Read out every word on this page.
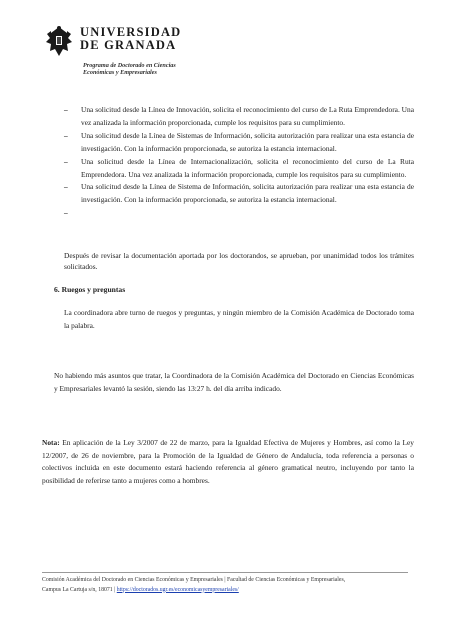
UNIVERSIDAD
DE GRANADA
Programa de Doctorado en Ciencias
Económicas y Empresariales
– Una solicitud desde la Línea de Innovación, solicita el reconocimiento del curso de La Ruta Emprendedora. Una vez analizada la información proporcionada, cumple los requisitos para su cumplimiento.
– Una solicitud desde la Línea de Sistemas de Información, solicita autorización para realizar una esta estancia de investigación. Con la información proporcionada, se autoriza la estancia internacional.
– Una solicitud desde la Línea de Internacionalización, solicita el reconocimiento del curso de La Ruta Emprendedora. Una vez analizada la información proporcionada, cumple los requisitos para su cumplimiento.
– Una solicitud desde la Línea de Sistema de Información, solicita autorización para realizar una esta estancia de investigación. Con la información proporcionada, se autoriza la estancia internacional.
–
Después de revisar la documentación aportada por los doctorandos, se aprueban, por unanimidad todos los trámites solicitados.
6. Ruegos y preguntas
La coordinadora abre turno de ruegos y preguntas, y ningún miembro de la Comisión Académica de Doctorado toma la palabra.
No habiendo más asuntos que tratar, la Coordinadora de la Comisión Académica del Doctorado en Ciencias Económicas y Empresariales levantó la sesión, siendo las 13:27 h. del día arriba indicado.
Nota: En aplicación de la Ley 3/2007 de 22 de marzo, para la Igualdad Efectiva de Mujeres y Hombres, así como la Ley 12/2007, de 26 de noviembre, para la Promoción de la Igualdad de Género de Andalucía, toda referencia a personas o colectivos incluida en este documento estará haciendo referencia al género gramatical neutro, incluyendo por tanto la posibilidad de referirse tanto a mujeres como a hombres.
Comisión Académica del Doctorado en Ciencias Económicas y Empresariales | Facultad de Ciencias Económicas y Empresariales,
Campus La Cartuja s/n, 18071 | https://doctorados.ugr.es/economicasyempresariales/
